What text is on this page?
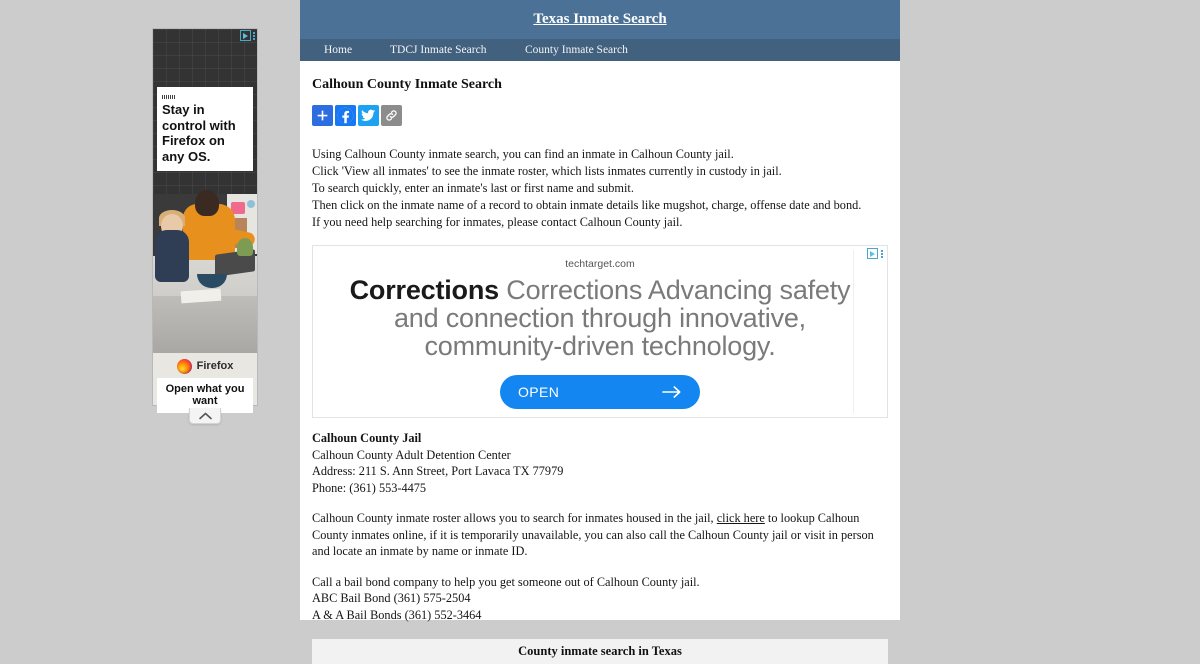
Stay in control with Firefox on any OS.
Firefox
Open what you want
Texas Inmate Search
Home	TDCJ Inmate Search	County Inmate Search
Calhoun County Inmate Search

Using Calhoun County inmate search, you can find an inmate in Calhoun County jail.

Click 'View all inmates' to see the inmate roster, which lists inmates currently in custody in jail.

To search quickly, enter an inmate's last or first name and submit.

Then click on the inmate name of a record to obtain inmate details like mugshot, charge, offense date and bond.

If you need help searching for inmates, please contact Calhoun County jail.

techtarget.com
Corrections Corrections Advancing safety and connection through innovative, community-driven technology.
OPEN

Calhoun County Jail

Calhoun County Adult Detention Center

Address: 211 S. Ann Street, Port Lavaca TX 77979

Phone: (361) 553-4475

Calhoun County inmate roster allows you to search for inmates housed in the jail, click here to lookup Calhoun County inmates online, if it is temporarily unavailable, you can also call the Calhoun County jail or visit in person and locate an inmate by name or inmate ID.

Call a bail bond company to help you get someone out of Calhoun County jail.

ABC Bail Bond (361) 575-2504

A & A Bail Bonds (361) 552-3464

County inmate search in Texas
